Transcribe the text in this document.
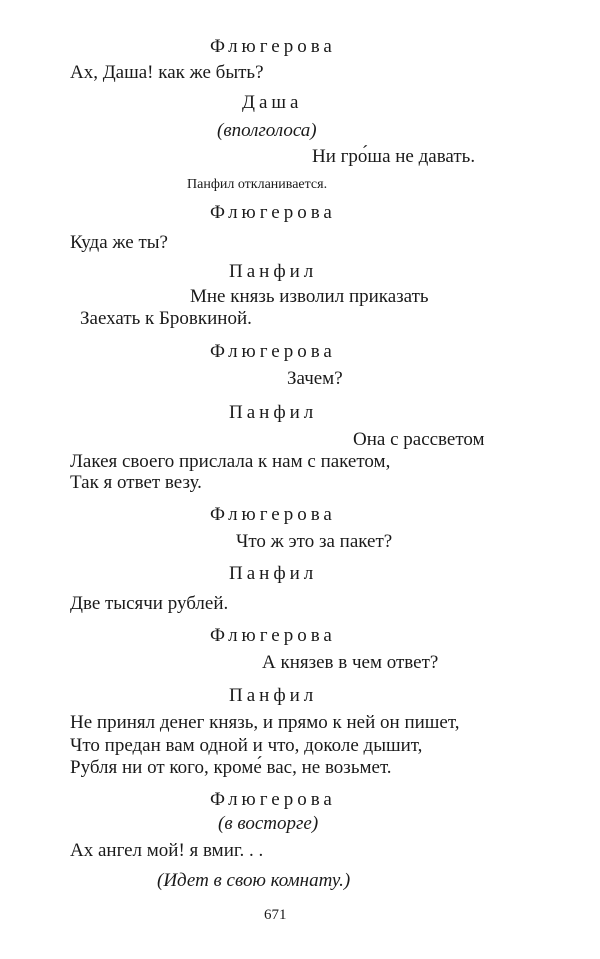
Флюгерова
Ах, Даша! как же быть?
Даша
(вполголоса)
Ни гро́ша не давать.
Панфил откланивается.
Флюгерова
Куда же ты?
Панфил
Мне князь изволил приказать
Заехать к Бровкиной.
Флюгерова
Зачем?
Панфил
Она с рассветом
Лакея своего прислала к нам с пакетом,
Так я ответ везу.
Флюгерова
Что ж это за пакет?
Панфил
Две тысячи рублей.
Флюгерова
А князев в чем ответ?
Панфил
Не принял денег князь, и прямо к ней он пишет,
Что предан вам одной и что, доколе дышит,
Рубля ни от кого, кроме́ вас, не возьмет.
Флюгерова
(в восторге)
Ах ангел мой! я вмиг. . .
(Идет в свою комнату.)
671
